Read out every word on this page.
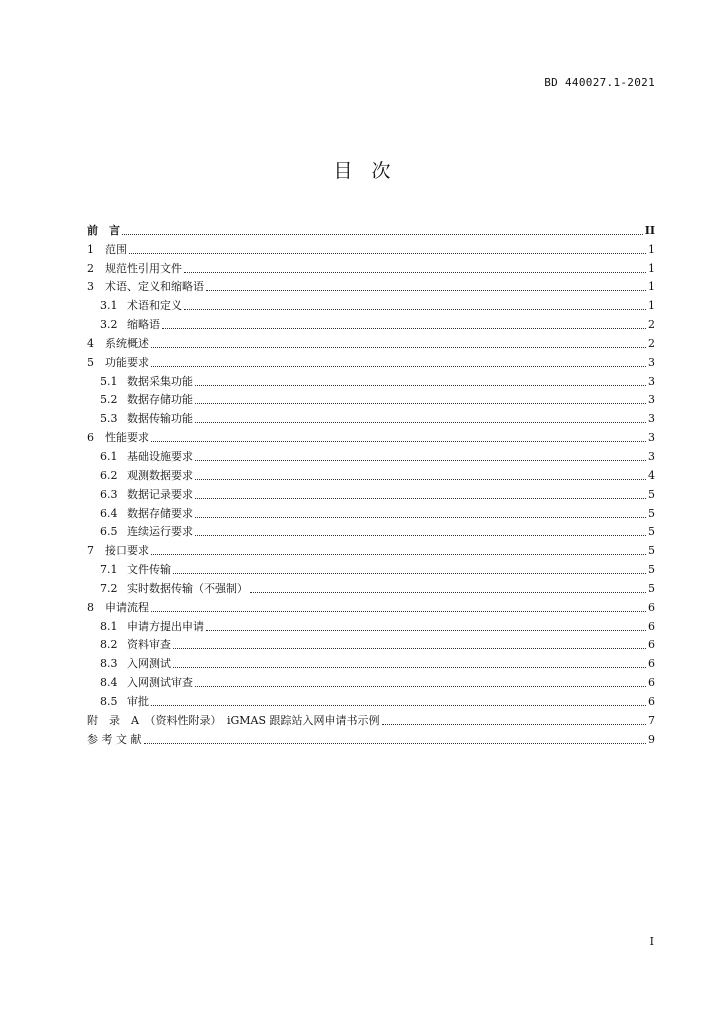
BD 440027.1-2021
目　次
前　言	II
1	范围	1
2	规范性引用文件	1
3	术语、定义和缩略语	1
3.1 术语和定义	1
3.2 缩略语	2
4	系统概述	2
5	功能要求	3
5.1 数据采集功能	3
5.2 数据存储功能	3
5.3 数据传输功能	3
6	性能要求	3
6.1 基础设施要求	3
6.2 观测数据要求	4
6.3 数据记录要求	5
6.4 数据存储要求	5
6.5 连续运行要求	5
7	接口要求	5
7.1 文件传输	5
7.2 实时数据传输（不强制）	5
8	申请流程	6
8.1 申请方提出申请	6
8.2 资料审查	6
8.3 入网测试	6
8.4 入网测试审查	6
8.5 审批	6
附　录　A　（资料性附录）　iGMAS 跟踪站入网申请书示例	7
参 考 文 献	9
I
